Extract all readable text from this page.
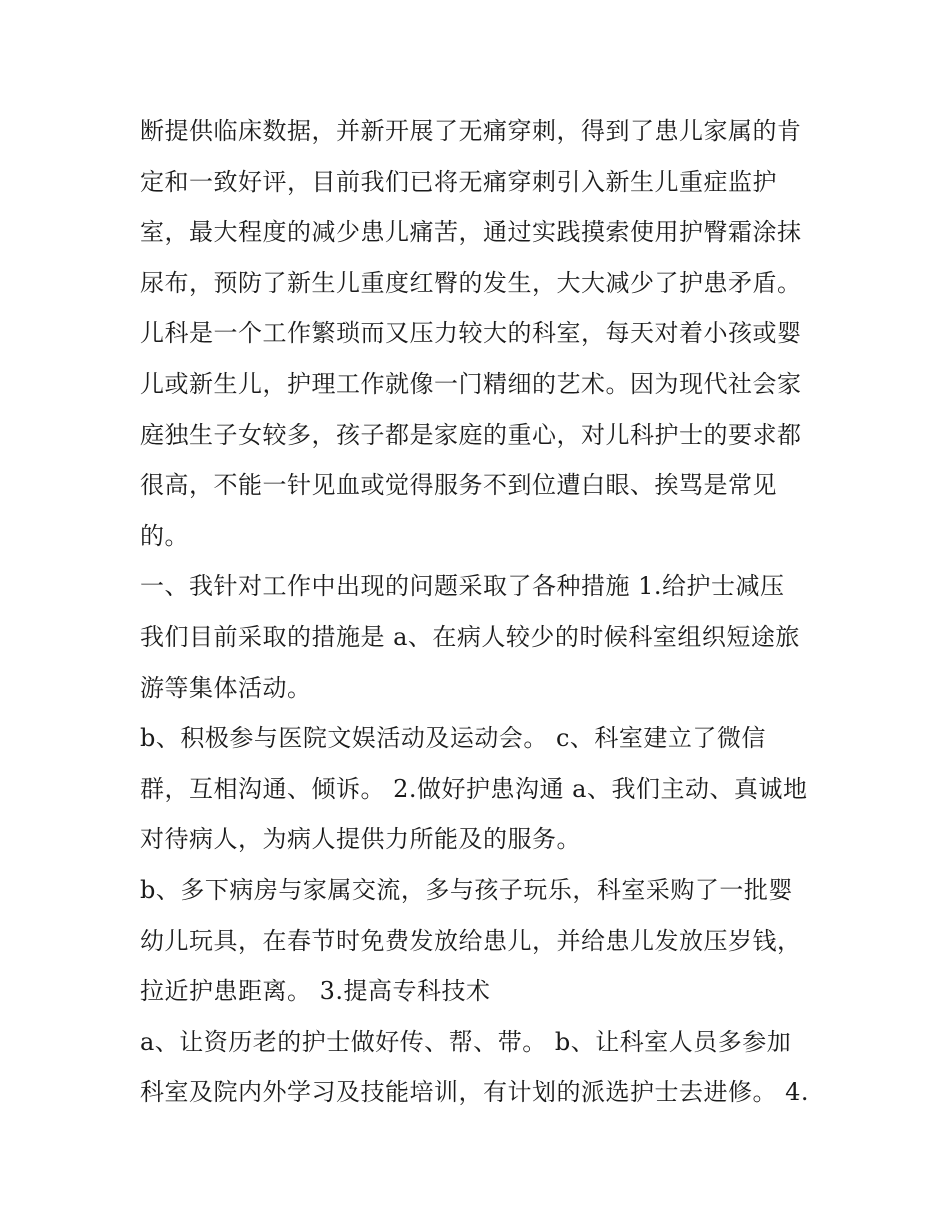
断提供临床数据，并新开展了无痛穿刺，得到了患儿家属的肯
定和一致好评，目前我们已将无痛穿刺引入新生儿重症监护
室，最大程度的减少患儿痛苦，通过实践摸索使用护臀霜涂抹
尿布，预防了新生儿重度红臀的发生，大大减少了护患矛盾。
儿科是一个工作繁琐而又压力较大的科室，每天对着小孩或婴
儿或新生儿，护理工作就像一门精细的艺术。因为现代社会家
庭独生子女较多，孩子都是家庭的重心，对儿科护士的要求都
很高，不能一针见血或觉得服务不到位遭白眼、挨骂是常见
的。
一、我针对工作中出现的问题采取了各种措施 1.给护士减压
我们目前采取的措施是 a、在病人较少的时候科室组织短途旅
游等集体活动。
b、积极参与医院文娱活动及运动会。 c、科室建立了微信
群，互相沟通、倾诉。 2.做好护患沟通 a、我们主动、真诚地
对待病人，为病人提供力所能及的服务。
b、多下病房与家属交流，多与孩子玩乐，科室采购了一批婴
幼儿玩具，在春节时免费发放给患儿，并给患儿发放压岁钱，
拉近护患距离。 3.提高专科技术
a、让资历老的护士做好传、帮、带。 b、让科室人员多参加
科室及院内外学习及技能培训，有计划的派选护士去进修。 4.
